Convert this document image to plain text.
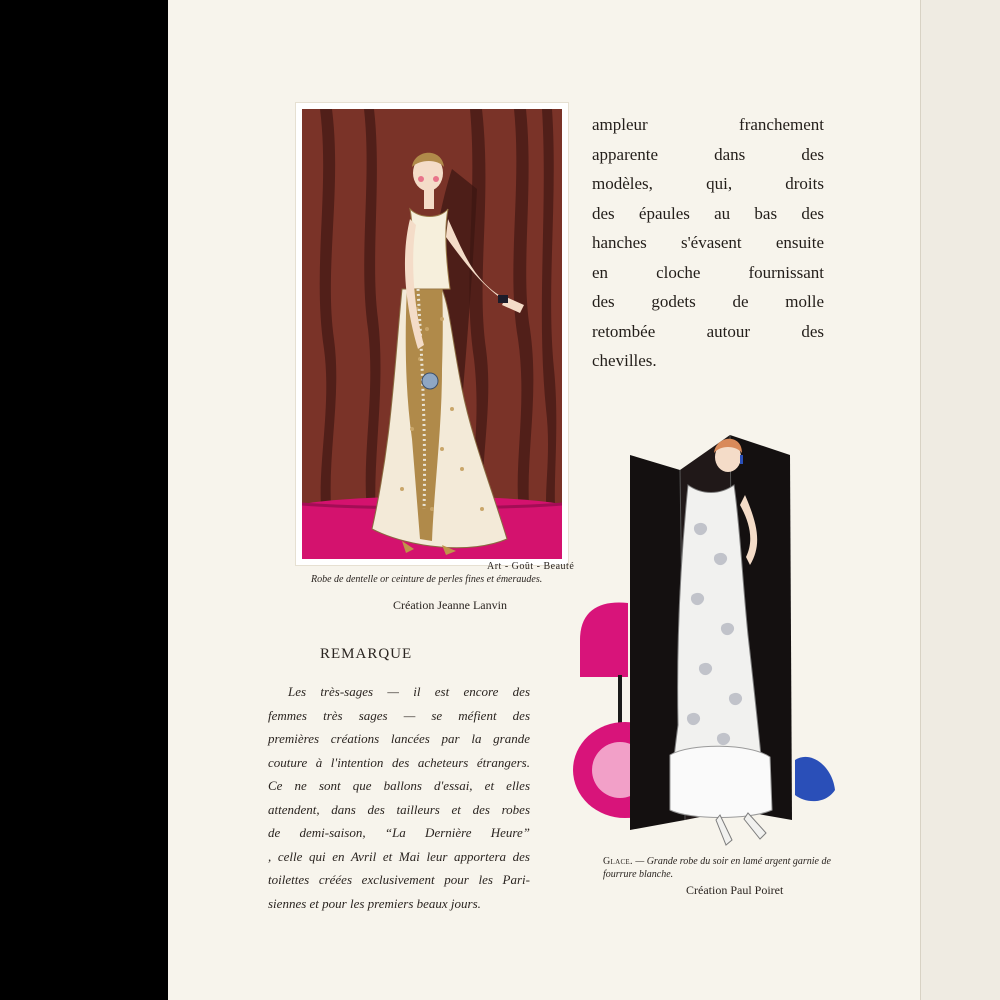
Art - Goût - Beauté
Robe de dentelle or ceinture de perles fines et émeraudes.
Création Jeanne Lanvin
ampleur franchement
apparente dans des
modèles, qui, droits
des épaules au bas des
hanches s'évasent ensuite
en cloche fournissant
des godets de molle
retombée autour des
chevilles.
REMARQUE
Les très-sages — il est encore des
femmes très sages — se méfient des
premières créations lancées par la grande
couture à l'intention des acheteurs étrangers.
Ce ne sont que ballons d'essai, et elles
attendent, dans des tailleurs et des robes
de demi-saison, “La Dernière Heure”
, celle qui en Avril et Mai leur apportera des
toilettes créées exclusivement pour les Pari-
siennes et pour les premiers beaux jours.
Glace. — Grande robe du soir en lamé argent garnie de fourrure blanche.
Création Paul Poiret
